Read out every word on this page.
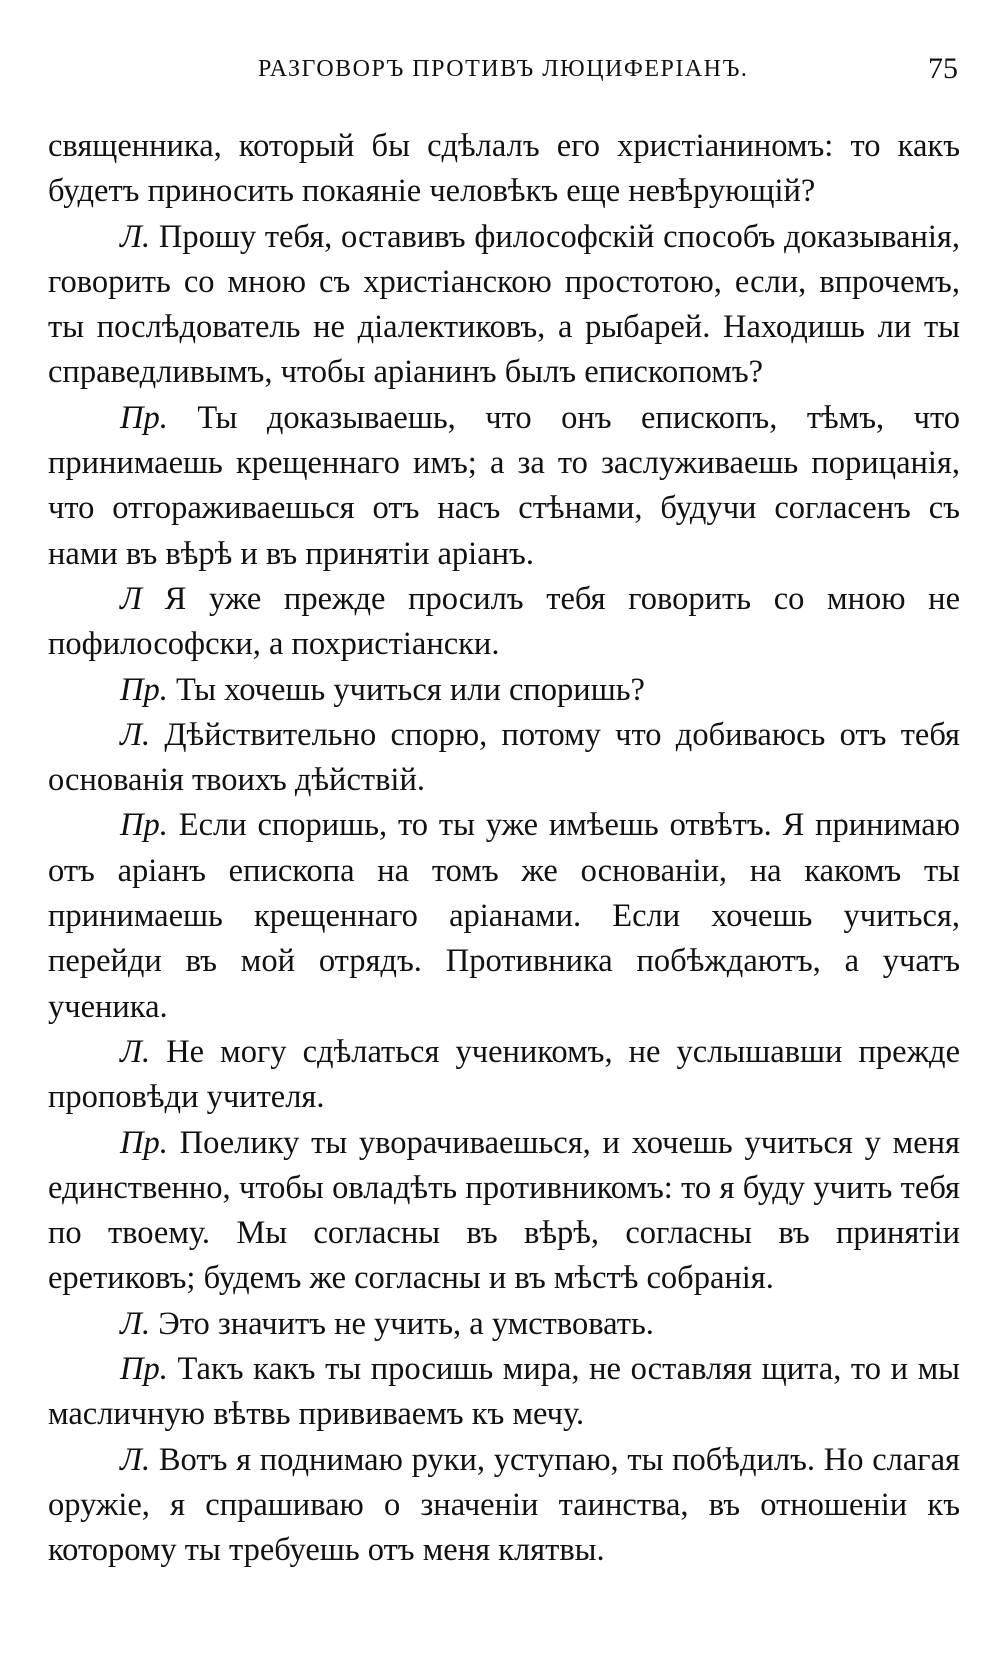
РАЗГОВОРЪ ПРОТИВЪ ЛЮЦИФЕРІАНЪ.	75

священника, который бы сдѣлалъ его христіаниномъ: то какъ будетъ приносить покаяніе человѣкъ еще невѣрующій?

Л. Прошу тебя, оставивъ философскій способъ доказыванія, говорить со мною съ христіанскою простотою, если, впрочемъ, ты послѣдователь не діалектиковъ, а рыбарей. Находишь ли ты справедливымъ, чтобы аріанинъ былъ епископомъ?

Пр. Ты доказываешь, что онъ епископъ, тѣмъ, что принимаешь крещеннаго имъ; а за то заслуживаешь порицанія, что отгораживаешься отъ насъ стѣнами, будучи согласенъ съ нами въ вѣрѣ и въ принятіи аріанъ.

Л Я уже прежде просилъ тебя говорить со мною не пофилософски, а похристіански.

Пр. Ты хочешь учиться или споришь?

Л. Дѣйствительно спорю, потому что добиваюсь отъ тебя основанія твоихъ дѣйствій.

Пр. Если споришь, то ты уже имѣешь отвѣтъ. Я принимаю отъ аріанъ епископа на томъ же основаніи, на какомъ ты принимаешь крещеннаго аріанами. Если хочешь учиться, перейди въ мой отрядъ. Противника побѣждаютъ, а учатъ ученика.

Л. Не могу сдѣлаться ученикомъ, не услышавши прежде проповѣди учителя.

Пр. Поелику ты уворачиваешься, и хочешь учиться у меня единственно, чтобы овладѣть противникомъ: то я буду учить тебя по твоему. Мы согласны въ вѣрѣ, согласны въ принятіи еретиковъ; будемъ же согласны и въ мѣстѣ собранія.

Л. Это значитъ не учить, а умствовать.

Пр. Такъ какъ ты просишь мира, не оставляя щита, то и мы масличную вѣтвь прививаемъ къ мечу.

Л. Вотъ я поднимаю руки, уступаю, ты побѣдилъ. Но слагая оружіе, я спрашиваю о значеніи таинства, въ отношеніи къ которому ты требуешь отъ меня клятвы.
